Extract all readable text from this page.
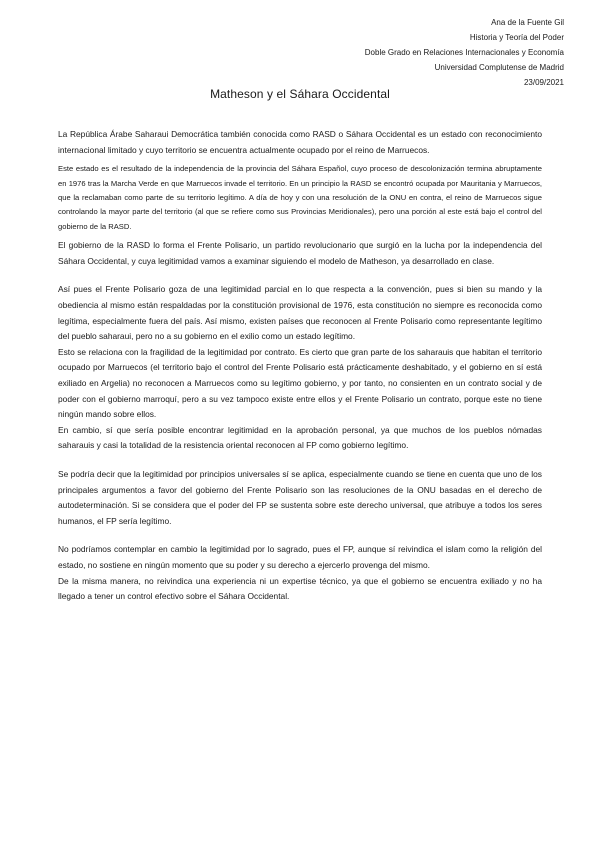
Ana de la Fuente Gil
Historia y Teoría del Poder
Doble Grado en Relaciones Internacionales y Economía
Universidad Complutense de Madrid
23/09/2021
Matheson y el Sáhara Occidental

La República Árabe Saharaui Democrática también conocida como RASD o Sáhara Occidental es un estado con reconocimiento internacional limitado y cuyo territorio se encuentra actualmente ocupado por el reino de Marruecos.

Este estado es el resultado de la independencia de la provincia del Sáhara Español, cuyo proceso de descolonización termina abruptamente en 1976 tras la Marcha Verde en que Marruecos invade el territorio. En un principio la RASD se encontró ocupada por Mauritania y Marruecos, que la reclamaban como parte de su territorio legítimo. A día de hoy y con una resolución de la ONU en contra, el reino de Marruecos sigue controlando la mayor parte del territorio (al que se refiere como sus Provincias Meridionales), pero una porción al este está bajo el control del gobierno de la RASD.

El gobierno de la RASD lo forma el Frente Polisario, un partido revolucionario que surgió en la lucha por la independencia del Sáhara Occidental, y cuya legitimidad vamos a examinar siguiendo el modelo de Matheson, ya desarrollado en clase.

Así pues el Frente Polisario goza de una legitimidad parcial en lo que respecta a la convención, pues si bien su mando y la obediencia al mismo están respaldadas por la constitución provisional de 1976, esta constitución no siempre es reconocida como legítima, especialmente fuera del país. Así mismo, existen países que reconocen al Frente Polisario como representante legítimo del pueblo saharaui, pero no a su gobierno en el exilio como un estado legítimo.

Esto se relaciona con la fragilidad de la legitimidad por contrato. Es cierto que gran parte de los saharauis que habitan el territorio ocupado por Marruecos (el territorio bajo el control del Frente Polisario está prácticamente deshabitado, y el gobierno en sí está exiliado en Argelia) no reconocen a Marruecos como su legítimo gobierno, y por tanto, no consienten en un contrato social y de poder con el gobierno marroquí, pero a su vez tampoco existe entre ellos y el Frente Polisario un contrato, porque este no tiene ningún mando sobre ellos.

En cambio, sí que sería posible encontrar legitimidad en la aprobación personal, ya que muchos de los pueblos nómadas saharauis y casi la totalidad de la resistencia oriental reconocen al FP como gobierno legítimo.

Se podría decir que la legitimidad por principios universales sí se aplica, especialmente cuando se tiene en cuenta que uno de los principales argumentos a favor del gobierno del Frente Polisario son las resoluciones de la ONU basadas en el derecho de autodeterminación. Si se considera que el poder del FP se sustenta sobre este derecho universal, que atribuye a todos los seres humanos, el FP sería legítimo.

No podríamos contemplar en cambio la legitimidad por lo sagrado, pues el FP, aunque sí reivindica el islam como la religión del estado, no sostiene en ningún momento que su poder y su derecho a ejercerlo provenga del mismo.

De la misma manera, no reivindica una experiencia ni un expertise técnico, ya que el gobierno se encuentra exiliado y no ha llegado a tener un control efectivo sobre el Sáhara Occidental.
